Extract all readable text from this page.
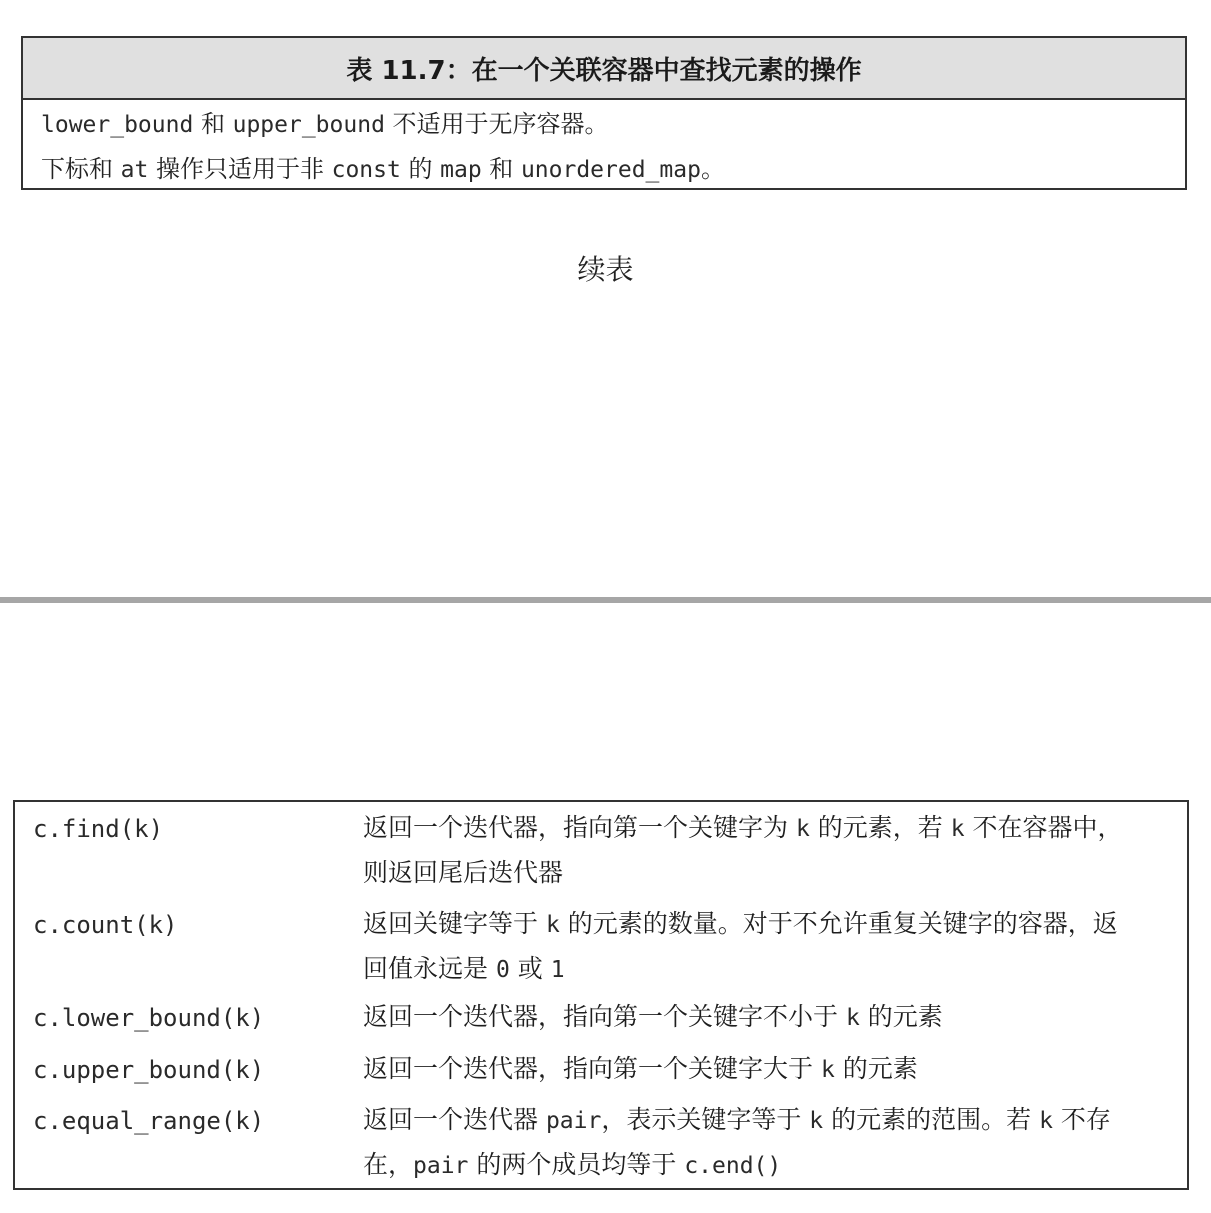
表 11.7：在一个关联容器中查找元素的操作
lower_bound 和 upper_bound 不适用于无序容器。
下标和 at 操作只适用于非 const 的 map 和 unordered_map。
续表
c.find(k)	返回一个迭代器，指向第一个关键字为 k 的元素，若 k 不在容器中，
则返回尾后迭代器
c.count(k)	返回关键字等于 k 的元素的数量。对于不允许重复关键字的容器，返
回值永远是 0 或 1
c.lower_bound(k)	返回一个迭代器，指向第一个关键字不小于 k 的元素
c.upper_bound(k)	返回一个迭代器，指向第一个关键字大于 k 的元素
c.equal_range(k)	返回一个迭代器 pair，表示关键字等于 k 的元素的范围。若 k 不存
在，pair 的两个成员均等于 c.end()
